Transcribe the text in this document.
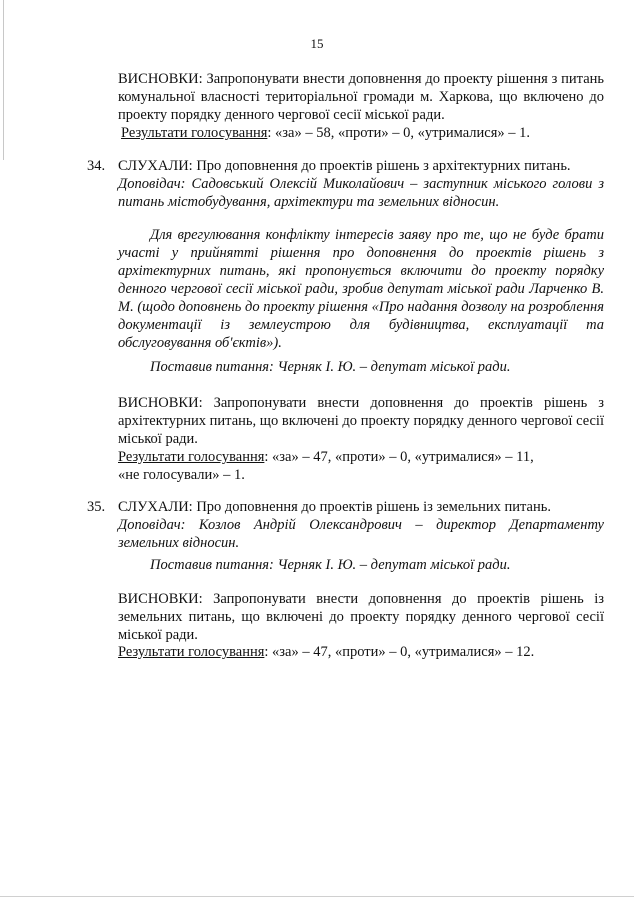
15

ВИСНОВКИ: Запропонувати внести доповнення до проекту рішення з питань комунальної власності територіальної громади м. Харкова, що включено до проекту порядку денного чергової сесії міської ради.

Результати голосування: «за» – 58, «проти» – 0, «утрималися» – 1.
34. СЛУХАЛИ: Про доповнення до проектів рішень з архітектурних питань.
Доповідач: Садовський Олексій Миколайович – заступник міського голови з питань містобудування, архітектури та земельних відносин.
Для врегулювання конфлікту інтересів заяву про те, що не буде брати участі у прийнятті рішення про доповнення до проектів рішень з архітектурних питань, які пропонується включити до проекту порядку денного чергової сесії міської ради, зробив депутат міської ради Ларченко В. М. (щодо доповнень до проекту рішення «Про надання дозволу на розроблення документації із землеустрою для будівництва, експлуатації та обслуговування об'єктів»).
Поставив питання: Черняк І. Ю. – депутат міської ради.

ВИСНОВКИ: Запропонувати внести доповнення до проектів рішень з архітектурних питань, що включені до проекту порядку денного чергової сесії міської ради.

Результати голосування: «за» – 47, «проти» – 0, «утрималися» – 11,
«не голосували» – 1.
35. СЛУХАЛИ: Про доповнення до проектів рішень із земельних питань.
Доповідач: Козлов Андрій Олександрович – директор Департаменту земельних відносин.
Поставив питання: Черняк І. Ю. – депутат міської ради.

ВИСНОВКИ: Запропонувати внести доповнення до проектів рішень із земельних питань, що включені до проекту порядку денного чергової сесії міської ради.

Результати голосування: «за» – 47, «проти» – 0, «утрималися» – 12.
